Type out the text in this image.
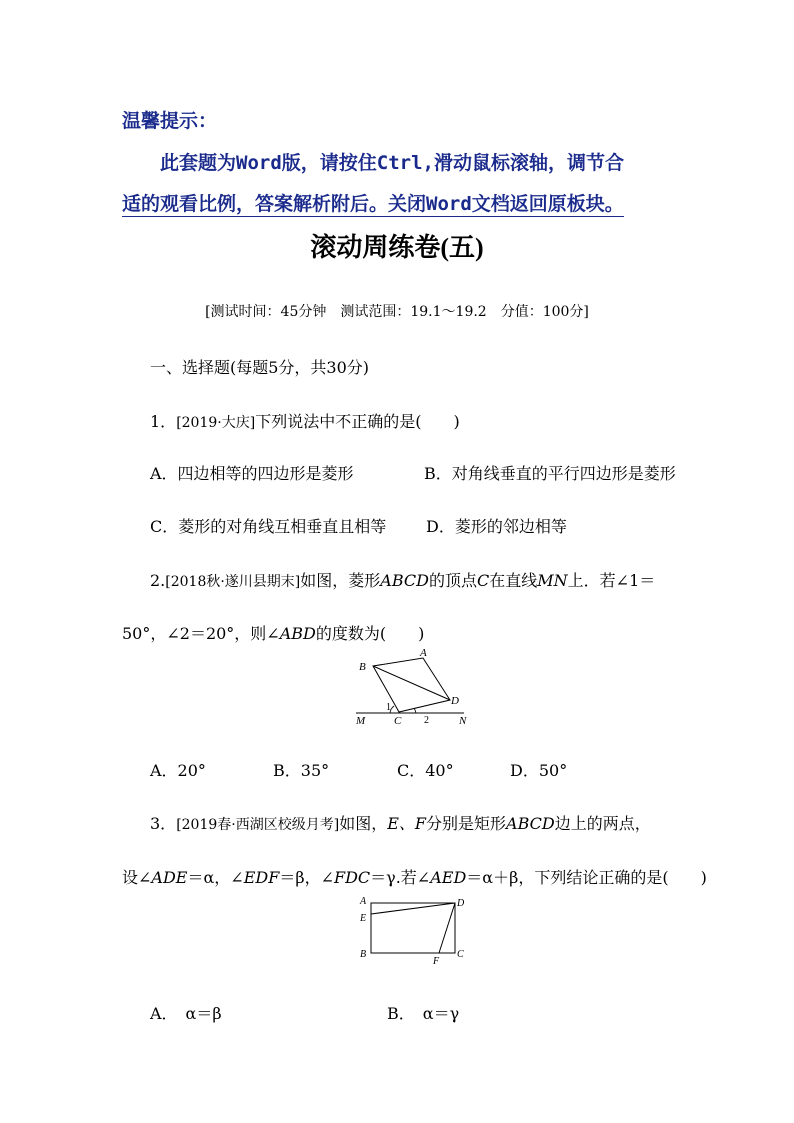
温馨提示：
此套题为Word版，请按住Ctrl,滑动鼠标滚轴，调节合
适的观看比例，答案解析附后。关闭Word文档返回原板块。
滚动周练卷(五)
[测试时间：45分钟　测试范围：19.1～19.2　分值：100分]
一、选择题(每题5分，共30分)
1．[2019·大庆]下列说法中不正确的是(　　)
A．四边相等的四边形是菱形	B．对角线垂直的平行四边形是菱形
C．菱形的对角线互相垂直且相等 D．菱形的邻边相等
2.[2018秋·遂川县期末]如图，菱形ABCD的顶点C在直线MN上．若∠1＝
50°，∠2＝20°，则∠ABD的度数为(　　)
B
A
D
C
M	N
1
2
A．20°	B．35°	C．40°	D．50°
3．[2019春·西湖区校级月考]如图，E、F分别是矩形ABCD边上的两点，
设∠ADE＝α，∠EDF＝β，∠FDC＝γ.若∠AED＝α＋β，下列结论正确的是(　　)
A
E
B
D
C
F
A．　α＝β	B．　α＝γ
